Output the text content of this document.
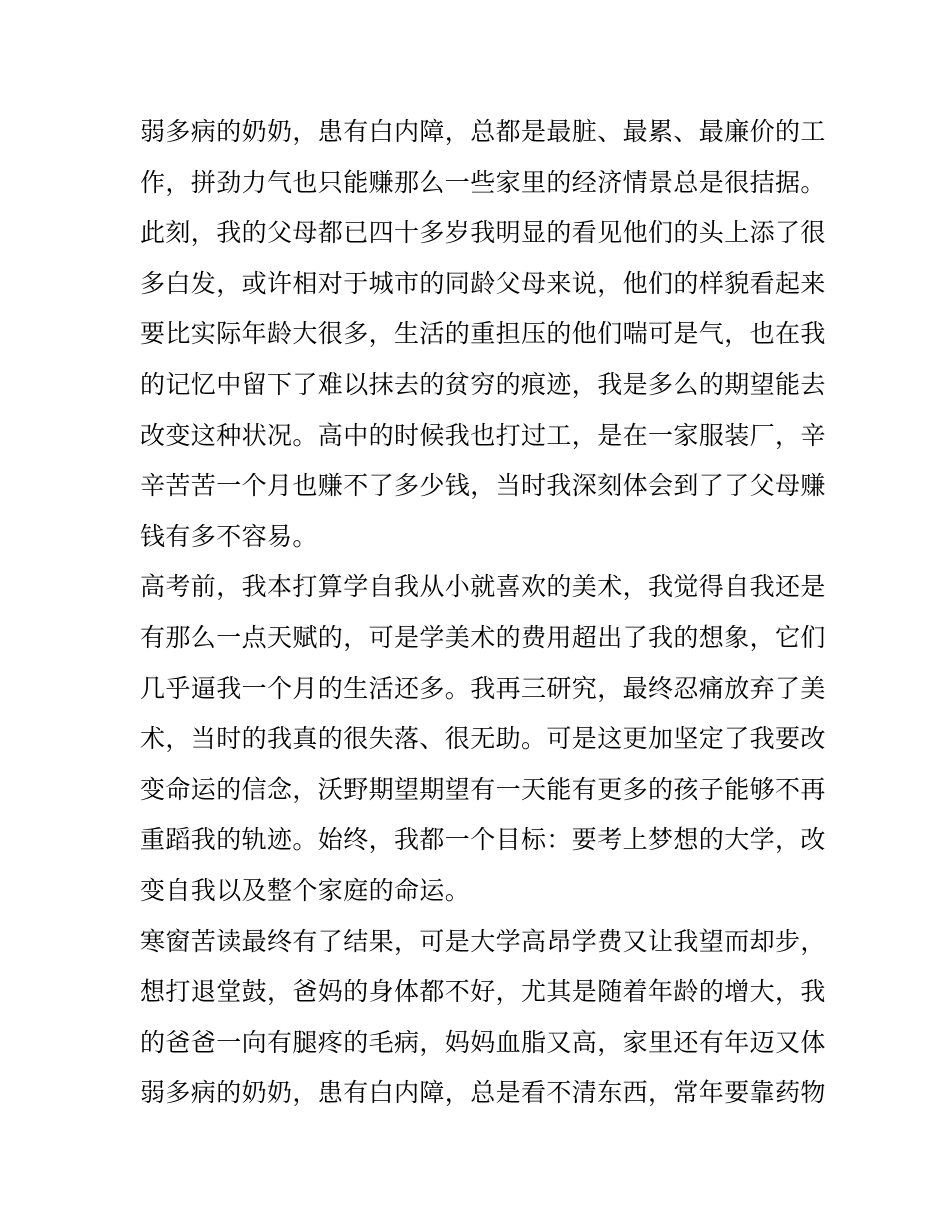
弱多病的奶奶，患有白内障，总都是最脏、最累、最廉价的工
作，拼劲力气也只能赚那么一些家里的经济情景总是很拮据。
此刻，我的父母都已四十多岁我明显的看见他们的头上添了很
多白发，或许相对于城市的同龄父母来说，他们的样貌看起来
要比实际年龄大很多，生活的重担压的他们喘可是气，也在我
的记忆中留下了难以抹去的贫穷的痕迹，我是多么的期望能去
改变这种状况。高中的时候我也打过工，是在一家服装厂，辛
辛苦苦一个月也赚不了多少钱，当时我深刻体会到了了父母赚
钱有多不容易。
高考前，我本打算学自我从小就喜欢的美术，我觉得自我还是
有那么一点天赋的，可是学美术的费用超出了我的想象，它们
几乎逼我一个月的生活还多。我再三研究，最终忍痛放弃了美
术，当时的我真的很失落、很无助。可是这更加坚定了我要改
变命运的信念，沃野期望期望有一天能有更多的孩子能够不再
重蹈我的轨迹。始终，我都一个目标：要考上梦想的大学，改
变自我以及整个家庭的命运。
寒窗苦读最终有了结果，可是大学高昂学费又让我望而却步，
想打退堂鼓，爸妈的身体都不好，尤其是随着年龄的增大，我
的爸爸一向有腿疼的毛病，妈妈血脂又高，家里还有年迈又体
弱多病的奶奶，患有白内障，总是看不清东西，常年要靠药物
